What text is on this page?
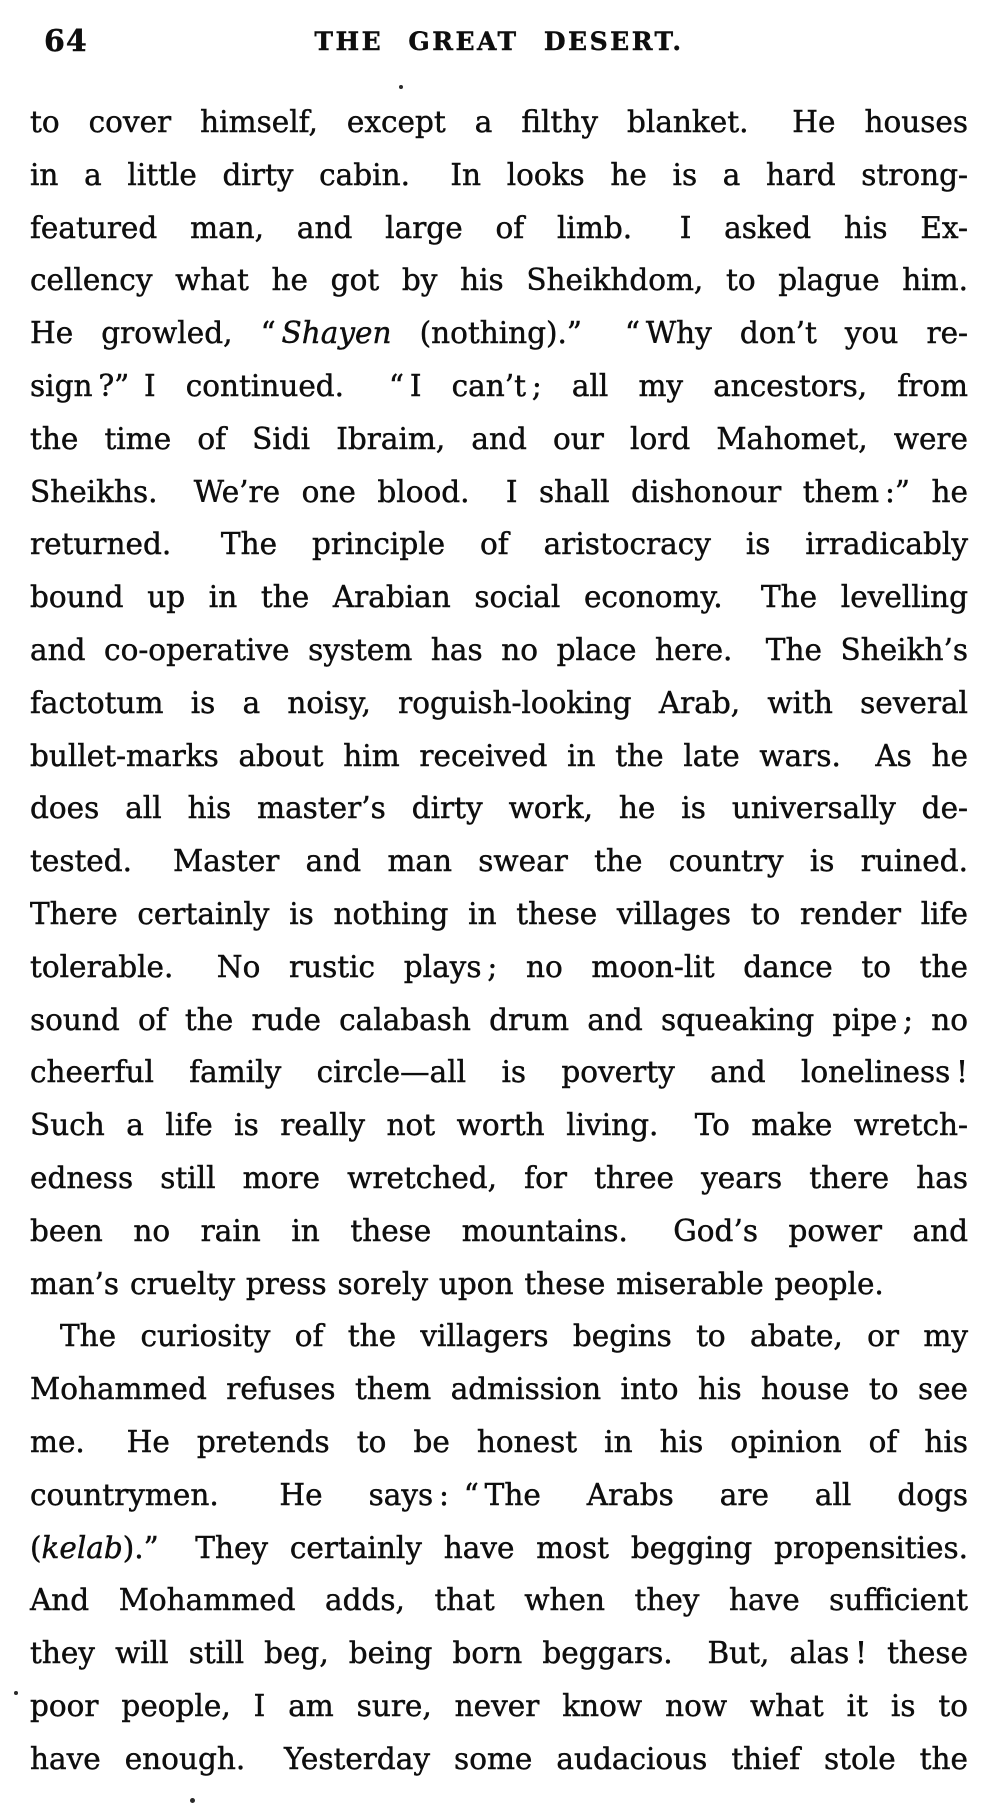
64	THE GREAT DESERT.
to cover himself, except a filthy blanket.  He houses
in a little dirty cabin.  In looks he is a hard strong-
featured man, and large of limb.  I asked his Ex-
cellency what he got by his Sheikhdom, to plague him.
He growled, “ Shayen (nothing).”  “ Why don’t you re-
sign ?” I continued.  “ I can’t ; all my ancestors, from
the time of Sidi Ibraim, and our lord Mahomet, were
Sheikhs.  We’re one blood.  I shall dishonour them :” he
returned.  The principle of aristocracy is irradicably
bound up in the Arabian social economy.  The levelling
and co-operative system has no place here.  The Sheikh’s
factotum is a noisy, roguish-looking Arab, with several
bullet-marks about him received in the late wars.  As he
does all his master’s dirty work, he is universally de-
tested.  Master and man swear the country is ruined.
There certainly is nothing in these villages to render life
tolerable.  No rustic plays ; no moon-lit dance to the
sound of the rude calabash drum and squeaking pipe ; no
cheerful family circle—all is poverty and loneliness !
Such a life is really not worth living.  To make wretch-
edness still more wretched, for three years there has
been no rain in these mountains.  God’s power and
man’s cruelty press sorely upon these miserable people.
The curiosity of the villagers begins to abate, or my
Mohammed refuses them admission into his house to see
me.  He pretends to be honest in his opinion of his
countrymen.  He says : “ The Arabs are all dogs
(kelab).”  They certainly have most begging propensities.
And Mohammed adds, that when they have sufficient
they will still beg, being born beggars.  But, alas ! these
poor people, I am sure, never know now what it is to
have enough.  Yesterday some audacious thief stole the
